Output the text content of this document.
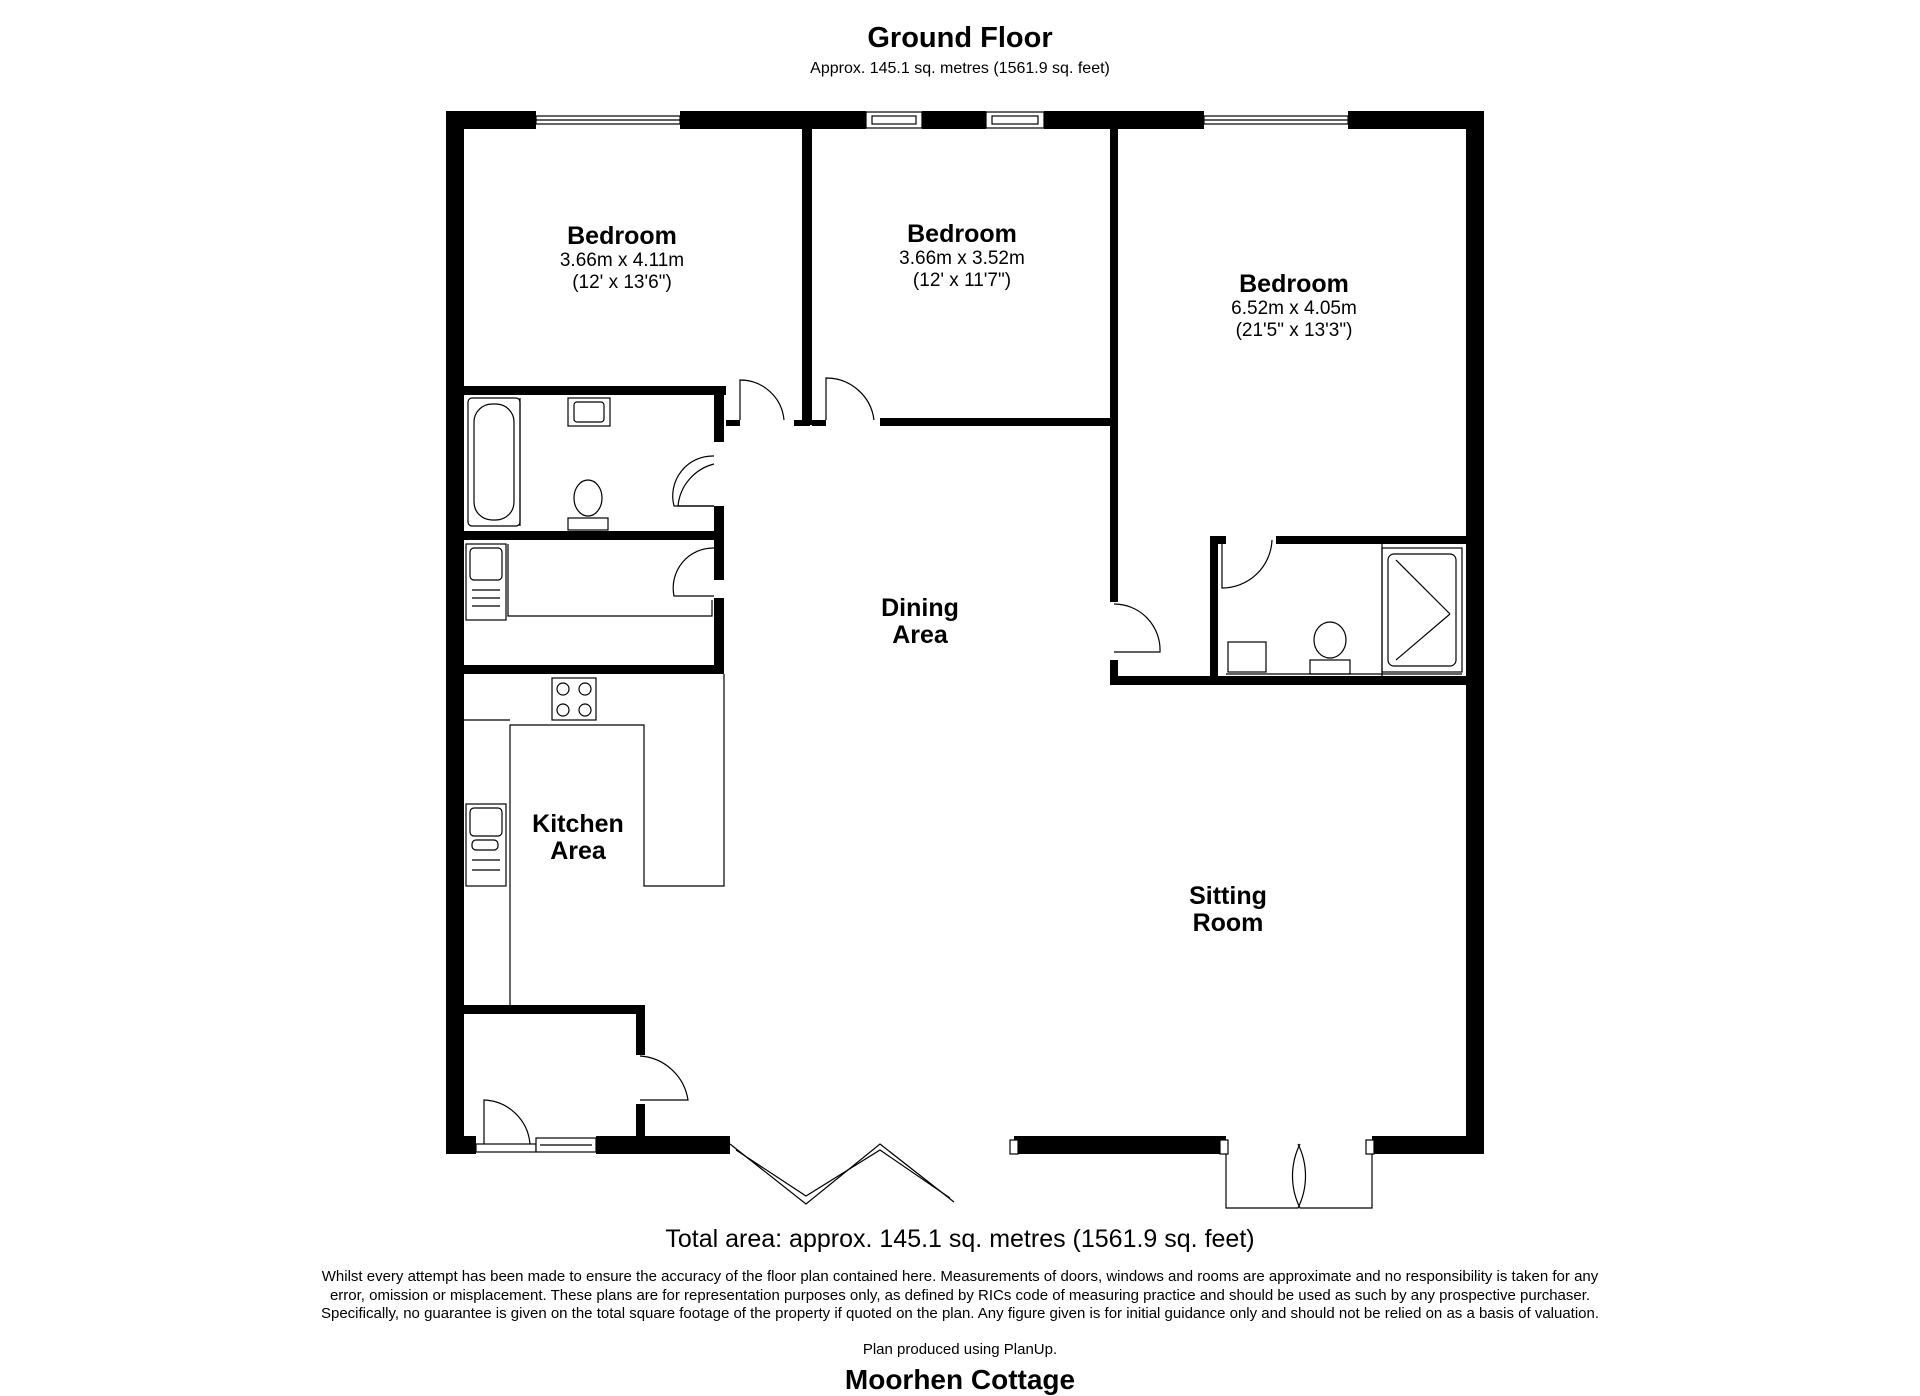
Ground Floor
Approx. 145.1 sq. metres (1561.9 sq. feet)
Bedroom
3.66m x 4.11m
(12' x 13'6")
Bedroom
3.66m x 3.52m
(12' x 11'7")	Bedroom
6.52m x 4.05m
(21'5" x 13'3")
Dining
Area
Kitchen
Area
Sitting
Room
Total area: approx. 145.1 sq. metres (1561.9 sq. feet)
Whilst every attempt has been made to ensure the accuracy of the floor plan contained here. Measurements of doors, windows and rooms are approximate and no responsibility is taken for any error, omission or misplacement. These plans are for representation purposes only, as defined by RICs code of measuring practice and should be used as such by any prospective purchaser. Specifically, no guarantee is given on the total square footage of the property if quoted on the plan. Any figure given is for initial guidance only and should not be relied on as a basis of valuation.
Plan produced using PlanUp.
Moorhen Cottage
